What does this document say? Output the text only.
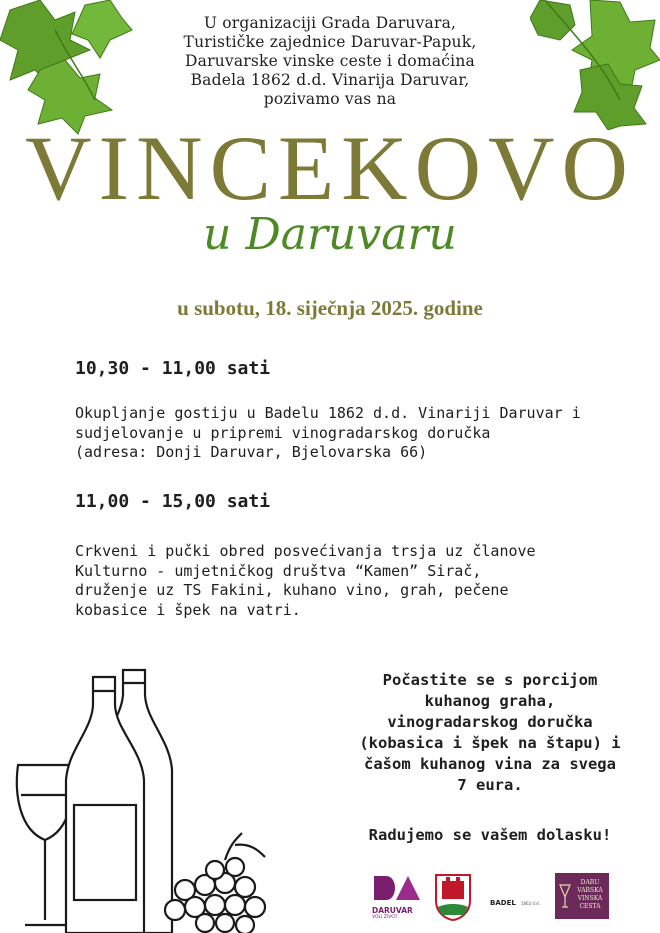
U organizaciji Grada Daruvara,
Turističke zajednice Daruvar-Papuk,
Daruvarske vinske ceste i domaćina
Badela 1862 d.d. Vinarija Daruvar,
pozivamo vas na
VINCEKOVO
u Daruvaru
u subotu, 18. siječnja 2025. godine
10,30 - 11,00 sati
Okupljanje gostiju u Badelu 1862 d.d. Vinariji Daruvar i
sudjelovanje u pripremi vinogradarskog doručka
(adresa: Donji Daruvar, Bjelovarska 66)
11,00 - 15,00 sati
Crkveni i pučki obred posvećivanja trsja uz članove
Kulturno - umjetničkog društva “Kamen” Sirač,
druženje uz TS Fakini, kuhano vino, grah, pečene
kobasice i špek na vatri.
Počastite se s porcijom
kuhanog graha,
vinogradarskog doručka
(kobasica i špek na štapu) i
čašom kuhanog vina za svega
7 eura.
Radujemo se vašem dolasku!
DARUVAR
VOLI ŽIVOT
BADEL 1862 d.d.
DARU
VARSKA
VINSKA
CESTA
